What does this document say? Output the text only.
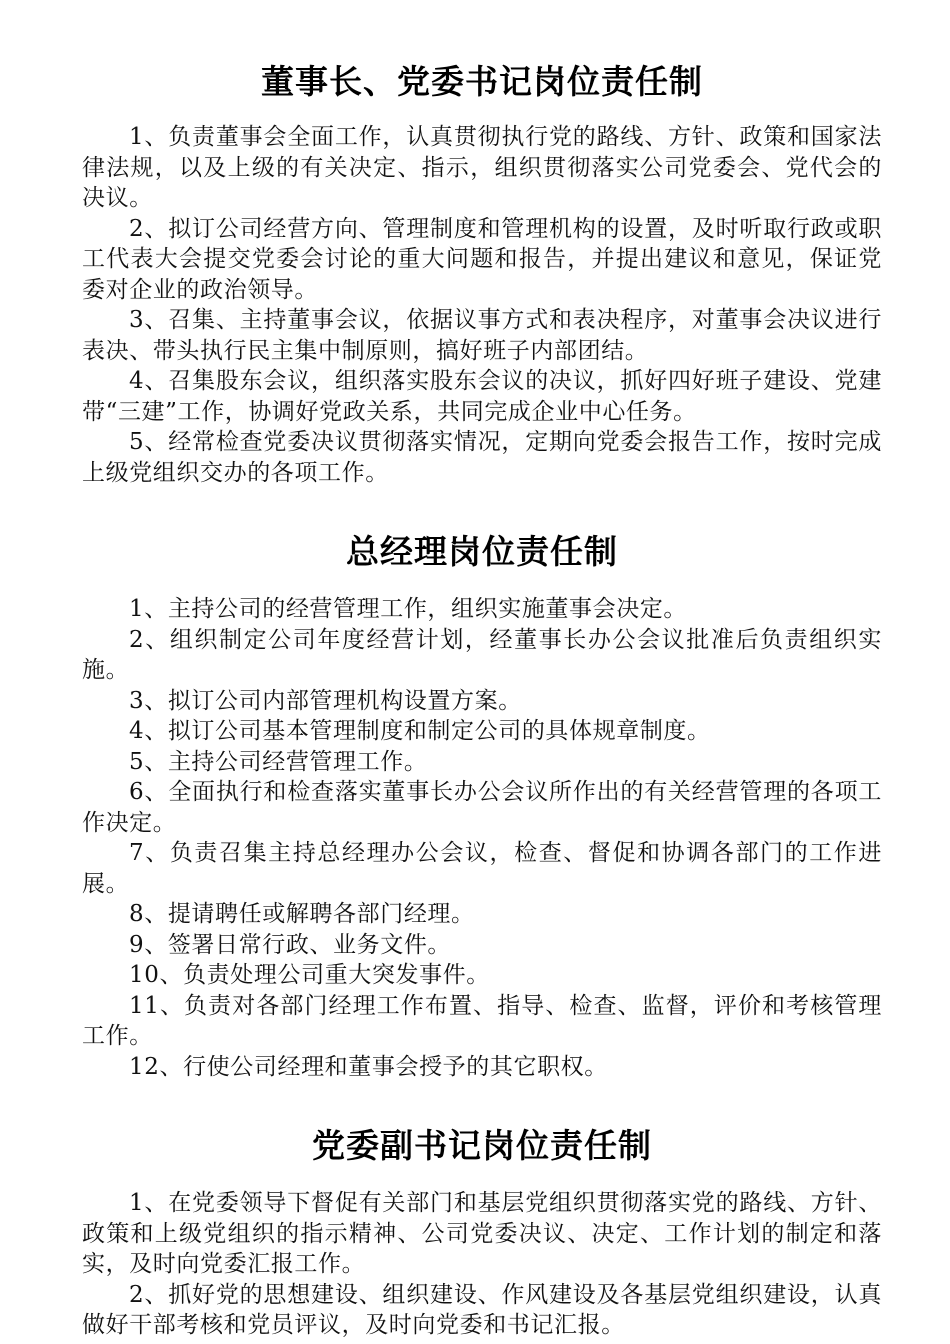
董事长、党委书记岗位责任制

1、负责董事会全面工作，认真贯彻执行党的路线、方针、政策和国家法律法规，以及上级的有关决定、指示，组织贯彻落实公司党委会、党代会的决议。

2、拟订公司经营方向、管理制度和管理机构的设置，及时听取行政或职工代表大会提交党委会讨论的重大问题和报告，并提出建议和意见，保证党委对企业的政治领导。

3、召集、主持董事会议，依据议事方式和表决程序，对董事会决议进行表决、带头执行民主集中制原则，搞好班子内部团结。

4、召集股东会议，组织落实股东会议的决议，抓好四好班子建设、党建带“三建”工作，协调好党政关系，共同完成企业中心任务。

5、经常检查党委决议贯彻落实情况，定期向党委会报告工作，按时完成上级党组织交办的各项工作。

总经理岗位责任制

1、主持公司的经营管理工作，组织实施董事会决定。

2、组织制定公司年度经营计划，经董事长办公会议批准后负责组织实施。

3、拟订公司内部管理机构设置方案。

4、拟订公司基本管理制度和制定公司的具体规章制度。

5、主持公司经营管理工作。

6、全面执行和检查落实董事长办公会议所作出的有关经营管理的各项工作决定。

7、负责召集主持总经理办公会议，检查、督促和协调各部门的工作进展。

8、提请聘任或解聘各部门经理。

9、签署日常行政、业务文件。

10、负责处理公司重大突发事件。

11、负责对各部门经理工作布置、指导、检查、监督，评价和考核管理工作。

12、行使公司经理和董事会授予的其它职权。

党委副书记岗位责任制

1、在党委领导下督促有关部门和基层党组织贯彻落实党的路线、方针、政策和上级党组织的指示精神、公司党委决议、决定、工作计划的制定和落实，及时向党委汇报工作。

2、抓好党的思想建设、组织建设、作风建设及各基层党组织建设，认真做好干部考核和党员评议，及时向党委和书记汇报。
